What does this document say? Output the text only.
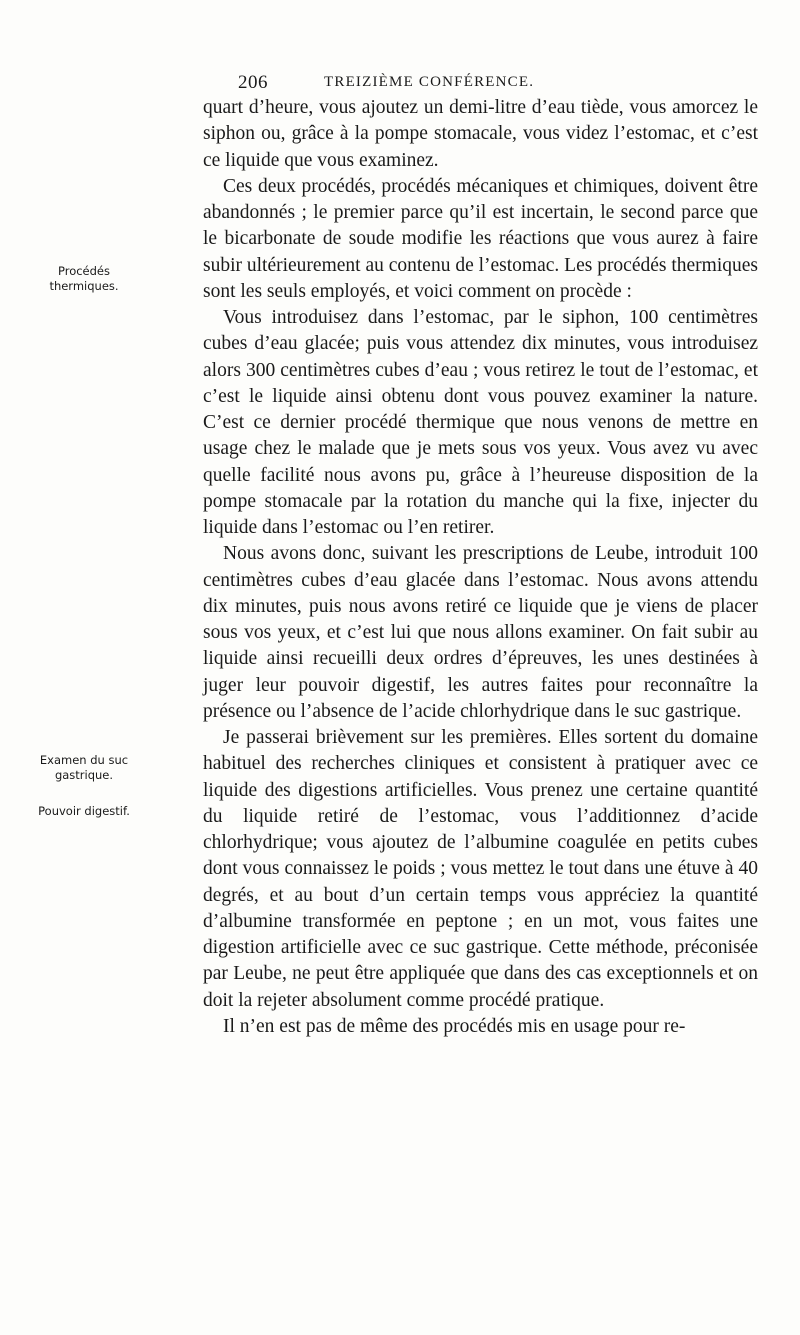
206	TREIZIÈME CONFÉRENCE.
Procédés thermiques.
Examen du suc gastrique.
Pouvoir digestif.

quart d’heure, vous ajoutez un demi-litre d’eau tiède, vous amorcez le siphon ou, grâce à la pompe stomacale, vous videz l’estomac, et c’est ce liquide que vous examinez.

Ces deux procédés, procédés mécaniques et chimiques, doivent être abandonnés ; le premier parce qu’il est incertain, le second parce que le bicarbonate de soude modifie les réactions que vous aurez à faire subir ultérieurement au contenu de l’estomac. Les procédés thermiques sont les seuls employés, et voici comment on procède :

Vous introduisez dans l’estomac, par le siphon, 100 centimètres cubes d’eau glacée; puis vous attendez dix minutes, vous introduisez alors 300 centimètres cubes d’eau ; vous retirez le tout de l’estomac, et c’est le liquide ainsi obtenu dont vous pouvez examiner la nature. C’est ce dernier procédé thermique que nous venons de mettre en usage chez le malade que je mets sous vos yeux. Vous avez vu avec quelle facilité nous avons pu, grâce à l’heureuse disposition de la pompe stomacale par la rotation du manche qui la fixe, injecter du liquide dans l’estomac ou l’en retirer.

Nous avons donc, suivant les prescriptions de Leube, introduit 100 centimètres cubes d’eau glacée dans l’estomac. Nous avons attendu dix minutes, puis nous avons retiré ce liquide que je viens de placer sous vos yeux, et c’est lui que nous allons examiner. On fait subir au liquide ainsi recueilli deux ordres d’épreuves, les unes destinées à juger leur pouvoir digestif, les autres faites pour reconnaître la présence ou l’absence de l’acide chlorhydrique dans le suc gastrique.

Je passerai brièvement sur les premières. Elles sortent du domaine habituel des recherches cliniques et consistent à pratiquer avec ce liquide des digestions artificielles. Vous prenez une certaine quantité du liquide retiré de l’estomac, vous l’additionnez d’acide chlorhydrique; vous ajoutez de l’albumine coagulée en petits cubes dont vous connaissez le poids ; vous mettez le tout dans une étuve à 40 degrés, et au bout d’un certain temps vous appréciez la quantité d’albumine transformée en peptone ; en un mot, vous faites une digestion artificielle avec ce suc gastrique. Cette méthode, préconisée par Leube, ne peut être appliquée que dans des cas exceptionnels et on doit la rejeter absolument comme procédé pratique.

Il n’en est pas de même des procédés mis en usage pour re-
